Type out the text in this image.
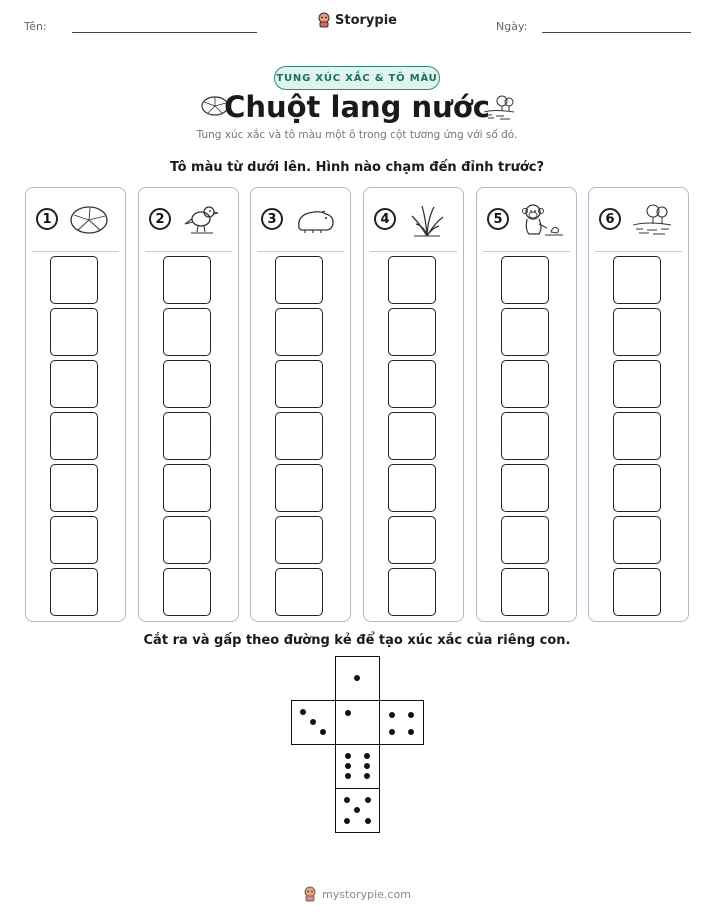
Tên:	Storypie	Ngày:
TUNG XÚC XẮC & TÔ MÀU
Chuột lang nước
Tung xúc xắc và tô màu một ô trong cột tương ứng với số đó.
Tô màu từ dưới lên. Hình nào chạm đến đỉnh trước?
1	2	3	4	5	6
Cắt ra và gấp theo đường kẻ để tạo xúc xắc của riêng con.
mystorypie.com
